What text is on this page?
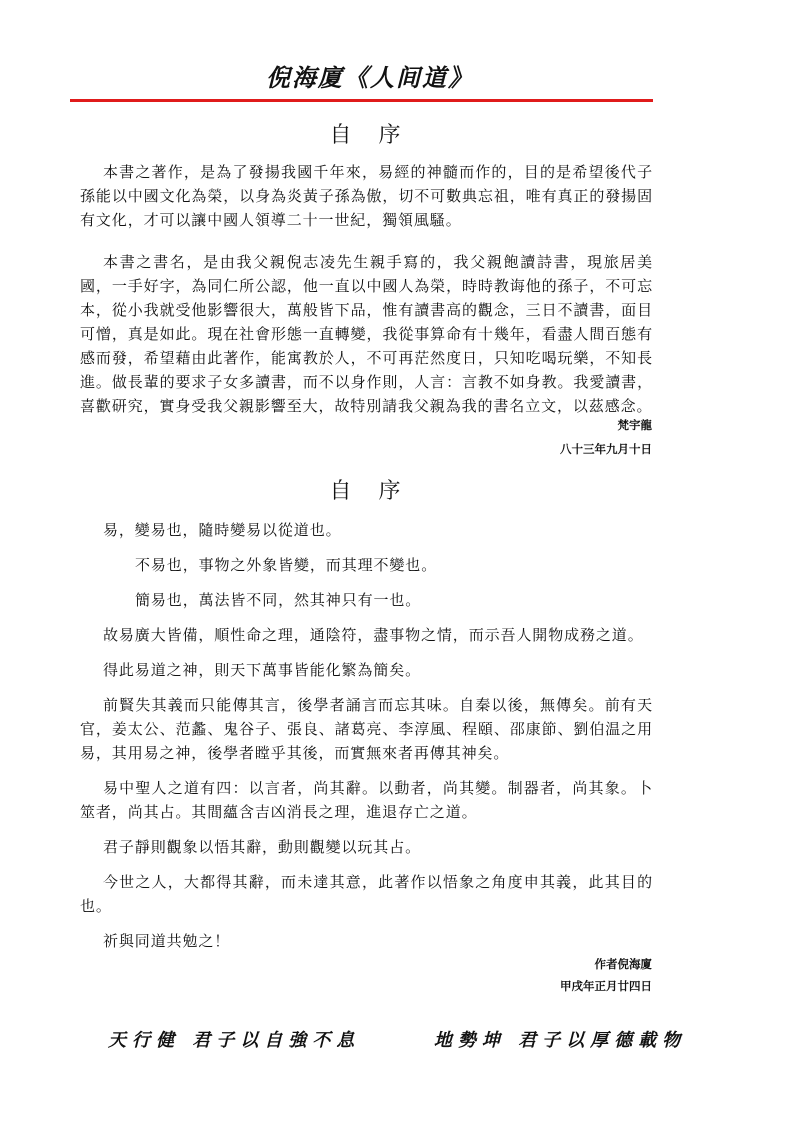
倪海廈《人间道》
自 序

本書之著作，是為了發揚我國千年來，易經的神髓而作的，目的是希望後代子孫能以中國文化為榮，以身為炎黃子孫為傲，切不可數典忘祖，唯有真正的發揚固有文化，才可以讓中國人領導二十一世紀，獨領風騷。

本書之書名，是由我父親倪志凌先生親手寫的，我父親飽讀詩書，現旅居美國，一手好字，為同仁所公認，他一直以中國人為榮，時時教诲他的孫子，不可忘本，從小我就受他影響很大，萬般皆下品，惟有讀書高的觀念，三日不讀書，面目可憎，真是如此。現在社會形態一直轉變，我從事算命有十幾年，看盡人間百態有感而發，希望藉由此著作，能寓教於人，不可再茫然度日，只知吃喝玩樂，不知長進。做長輩的要求子女多讀書，而不以身作則，人言：言教不如身教。我愛讀書，喜歡研究，實身受我父親影響至大，故特別請我父親為我的書名立文，以茲感念。

梵宇龍
八十三年九月十日
自 序

易，變易也，隨時變易以從道也。

不易也，事物之外象皆變，而其理不變也。

簡易也，萬法皆不同，然其神只有一也。

故易廣大皆備，順性命之理，通陰符，盡事物之情，而示吾人開物成務之道。

得此易道之神，則天下萬事皆能化繁為簡矣。

前賢失其義而只能傳其言，後學者誦言而忘其味。自秦以後，無傳矣。前有天官，姜太公、范蠡、鬼谷子、張良、諸葛亮、李淳風、程頤、邵康節、劉伯温之用易，其用易之神，後學者瞠乎其後，而實無來者再傳其神矣。

易中聖人之道有四：以言者，尚其辭。以動者，尚其變。制器者，尚其象。卜筮者，尚其占。其間蘊含吉凶消長之理，進退存亡之道。

君子靜則觀象以悟其辭，動則觀變以玩其占。

今世之人，大都得其辭，而未達其意，此著作以悟象之角度申其義，此其目的也。

祈與同道共勉之！

作者倪海廈
甲戌年正月廿四日
天行健 君子以自強不息	地勢坤 君子以厚德載物
